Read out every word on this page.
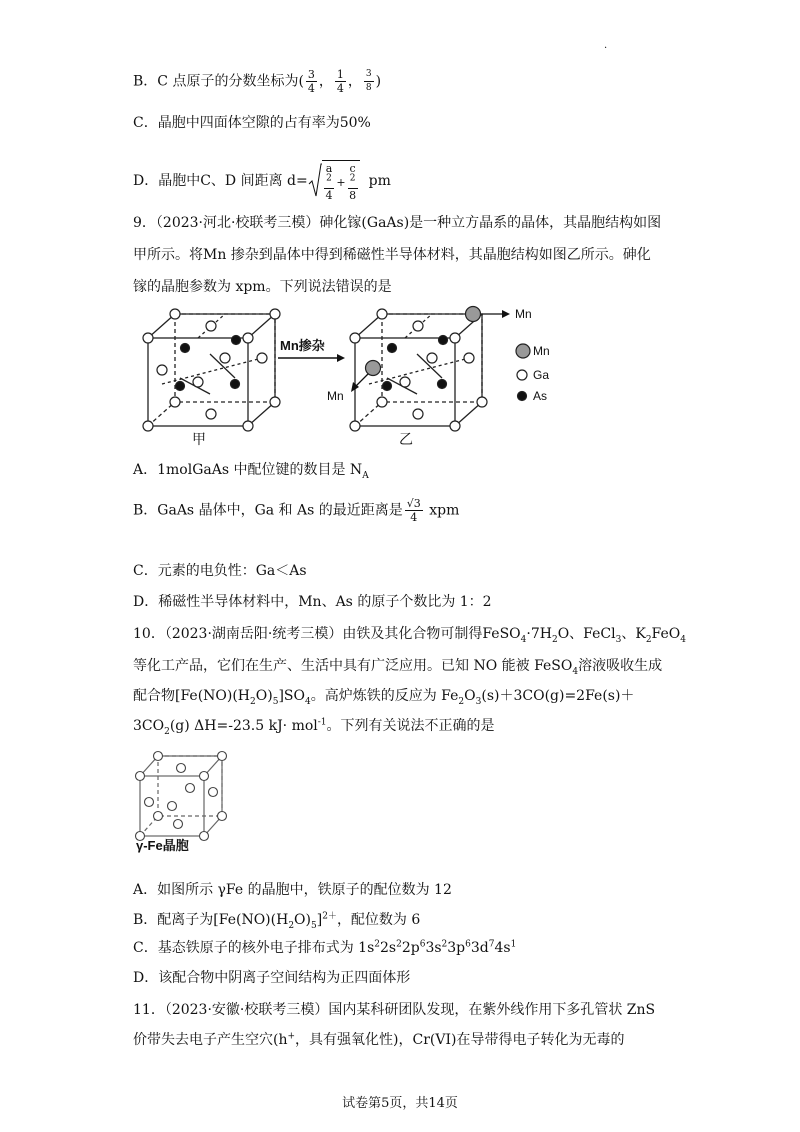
.
B．C 点原子的分数坐标为( $\frac{3}{4}$ ， $\frac{1}{4}$ ， $\frac{3}{8}$ )
C．晶胞中四面体空隙的占有率为50%
D．晶胞中C、D 间距离 d= a
$^2$
4 + c
$^2$
8 pm
9．（2023·河北·校联考三模）砷化镓(GaAs)是一种立方晶系的晶体，其晶胞结构如图
甲所示。将Mn 掺杂到晶体中得到稀磁性半导体材料，其晶胞结构如图乙所示。砷化
镓的晶胞参数为 xpm。下列说法错误的是
甲
Mn掺杂
Mn
Mn
乙
Mn
Ga
As
A．1molGaAs 中配位键的数目是 $N_A$
B．GaAs 晶体中，Ga 和 As 的最近距离是 $\frac{√3}{4}$ xpm
C．元素的电负性：Ga＜As
D．稀磁性半导体材料中，Mn、As 的原子个数比为 1：2
10．（2023·湖南岳阳·统考三模）由铁及其化合物可制得$FeSO_4\cdot 7H_2O$、FeCl$_3$、$K_2FeO_4$
等化工产品，它们在生产、生活中具有广泛应用。已知 NO 能被 FeSO$_4$溶液吸收生成
配合物$[Fe(NO)(H_2O)_5]SO_4$。高炉炼铁的反应为 $Fe_2O_3(s)+3CO(g)=2Fe(s)+$
$3CO_2(g)$ ΔH=-23.5 kJ· mol$^{-1}$。下列有关说法不正确的是
γ-Fe晶胞
A．如图所示 γFe 的晶胞中，铁原子的配位数为 12
B．配离子为$[Fe(NO)(H_2O)_5]^{2+}$，配位数为 6
C．基态铁原子的核外电子排布式为 $1s^22s^22p^63s^23p^63d^74s^1$
D．该配合物中阴离子空间结构为正四面体形
11．（2023·安徽·校联考三模）国内某科研团队发现，在紫外线作用下多孔管状 ZnS
价带失去电子产生空穴(h+，具有强氧化性)，Cr(VI)在导带得电子转化为无毒的
试卷第5页，共14页
